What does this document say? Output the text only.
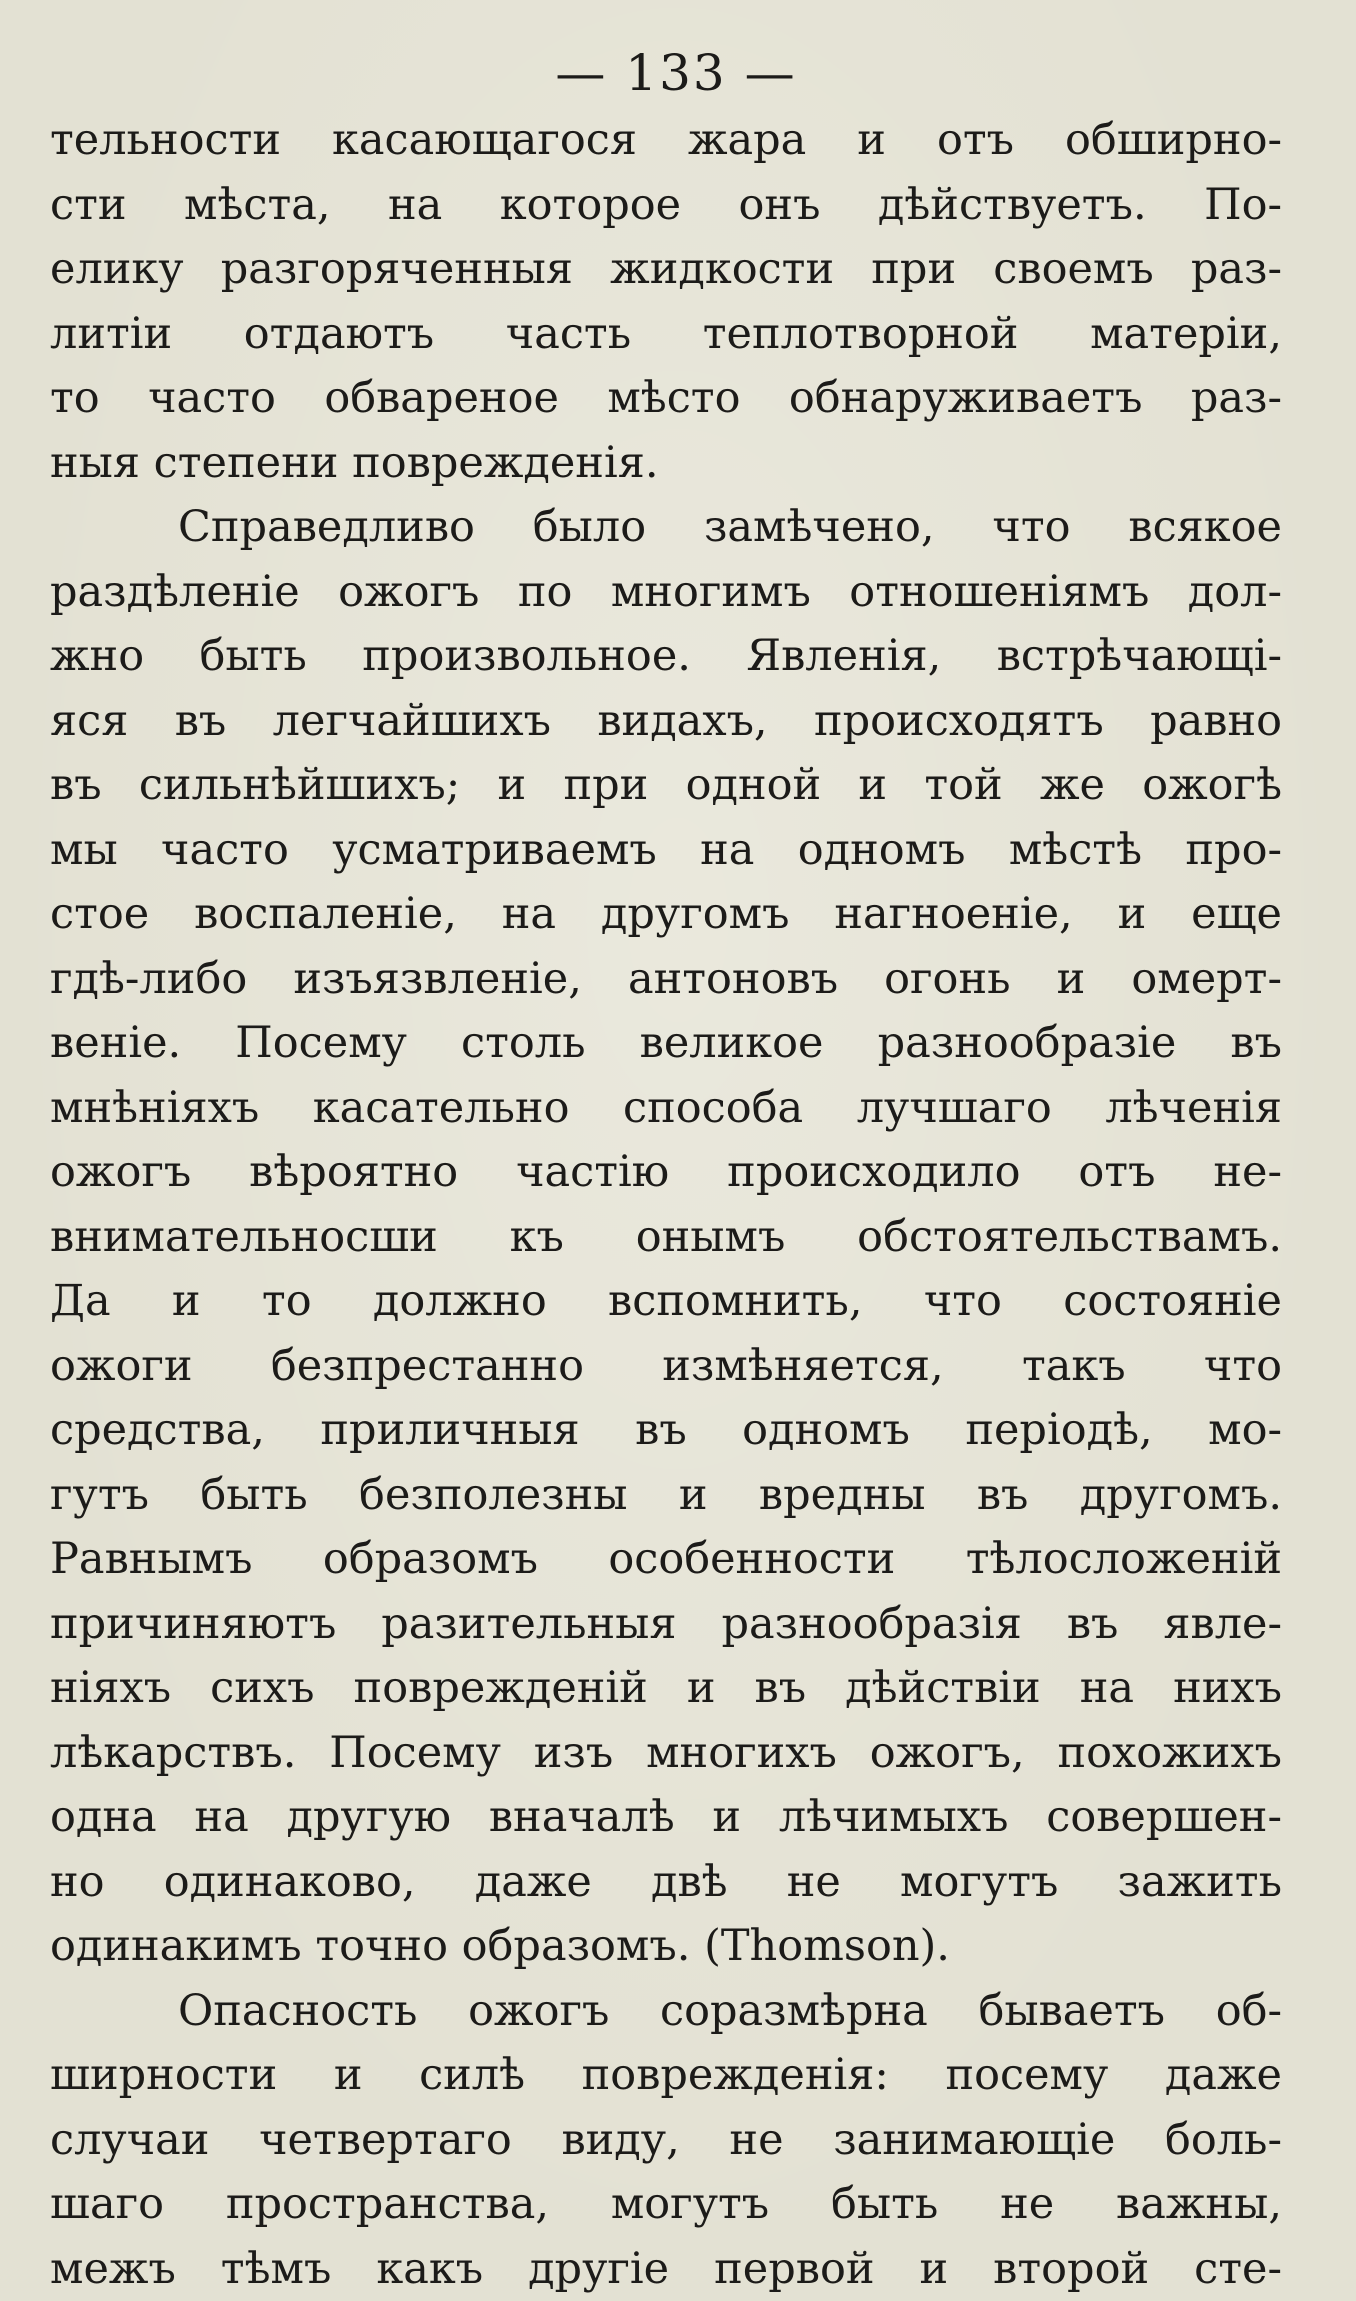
— 133 —
тельности касающагося жара и отъ обширно-
сти мѣста, на которое онъ дѣйствуетъ. По-
елику разгоряченныя жидкости при своемъ раз-
литіи отдаютъ часть теплотворной матеріи,
то часто обвареное мѣсто обнаруживаетъ раз-
ныя степени поврежденія.
Справедливо было замѣчено, что всякое
раздѣленіе ожогъ по многимъ отношеніямъ дол-
жно быть произвольное. Явленія, встрѣчающі-
яся въ легчайшихъ видахъ, происходятъ равно
въ сильнѣйшихъ; и при одной и той же ожогѣ
мы часто усматриваемъ на одномъ мѣстѣ про-
стое воспаленіе, на другомъ нагноеніе, и еще
гдѣ-либо изъязвленіе, антоновъ огонь и омерт-
веніе. Посему столь великое разнообразіе въ
мнѣніяхъ касательно способа лучшаго лѣченія
ожогъ вѣроятно частію происходило отъ не-
внимательносши къ онымъ обстоятельствамъ.
Да и то должно вспомнить, что состояніе
ожоги безпрестанно измѣняется, такъ что
средства, приличныя въ одномъ періодѣ, мо-
гутъ быть безполезны и вредны въ другомъ.
Равнымъ образомъ особенности тѣлосложеній
причиняютъ разительныя разнообразія въ явле-
ніяхъ сихъ поврежденій и въ дѣйствіи на нихъ
лѣкарствъ. Посему изъ многихъ ожогъ, похожихъ
одна на другую вначалѣ и лѣчимыхъ совершен-
но одинаково, даже двѣ не могутъ зажить
одинакимъ точно образомъ. (Thomson).
Опасность ожогъ соразмѣрна бываетъ об-
ширности и силѣ поврежденія: посему даже
случаи четвертаго виду, не занимающіе боль-
шаго пространства, могутъ быть не важны,
межъ тѣмъ какъ другіе первой и второй сте-
